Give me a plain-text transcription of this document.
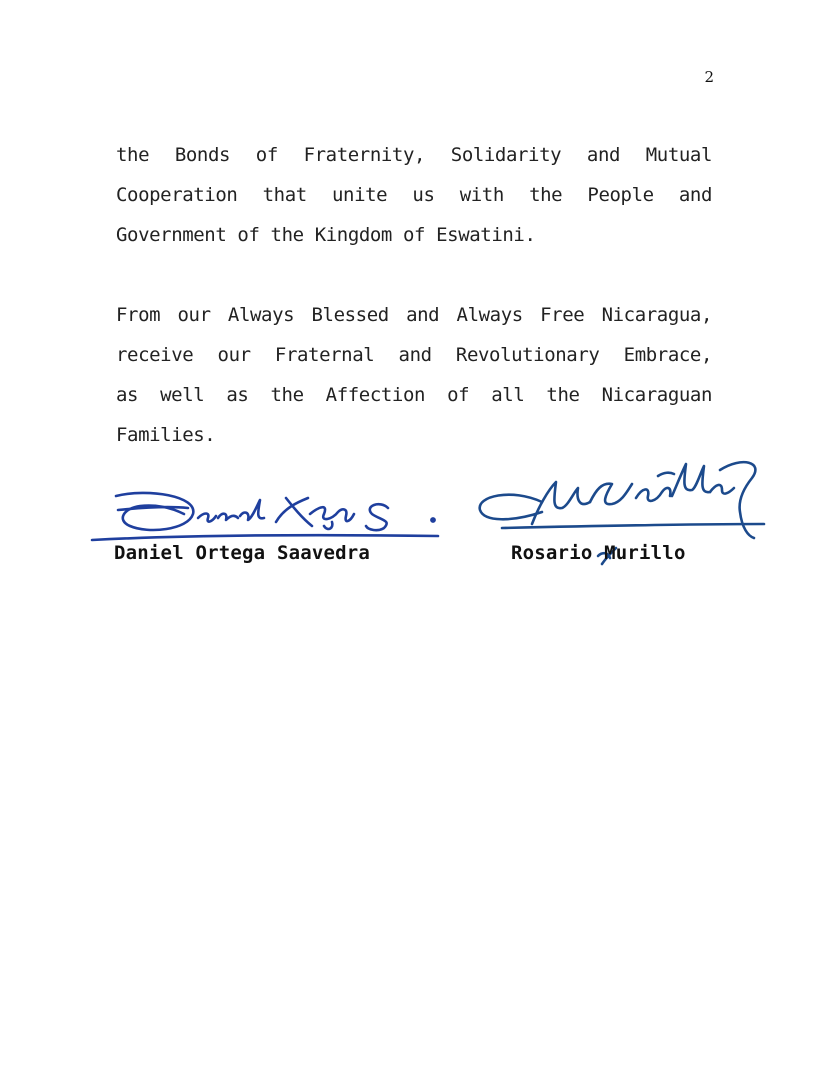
2
the Bonds of Fraternity, Solidarity and Mutual
Cooperation that unite us with the People and
Government of the Kingdom of Eswatini.
From our Always Blessed and Always Free Nicaragua,
receive our Fraternal and Revolutionary Embrace,
as well as the Affection of all the Nicaraguan
Families.
Daniel Ortega Saavedra	Rosario Murillo
